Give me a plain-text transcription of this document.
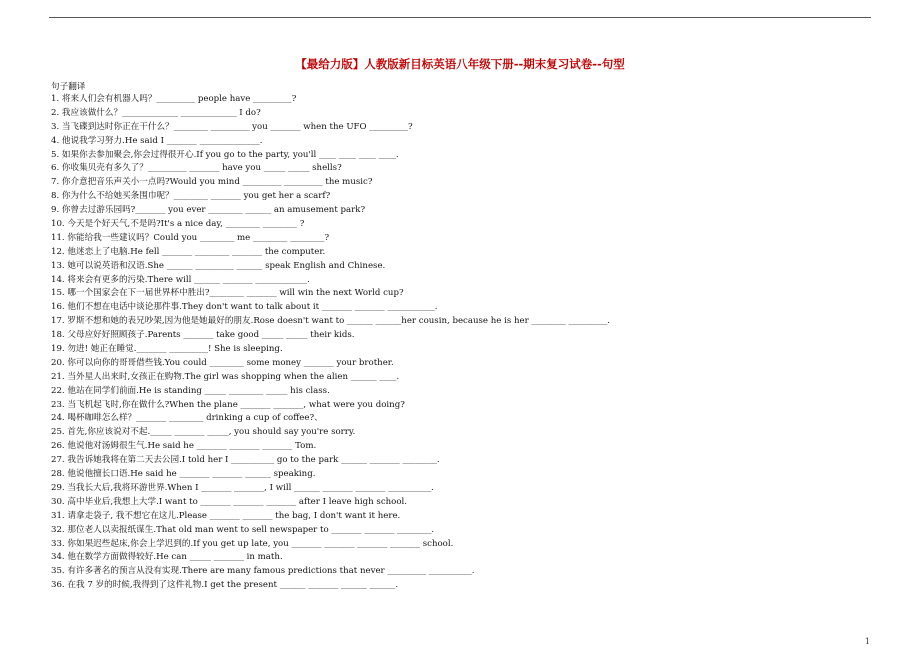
【最给力版】人教版新目标英语八年级下册--期末复习试卷--句型
句子翻译
1. 将来人们会有机器人吗？_________ people have _________?
2. 我应该做什么？_____________ _____________ I do?
3. 当飞碟到达时你正在干什么？________ _________ you _______ when the UFO _________?
4. 他说我学习努力.He said I _______ ______________.
5. 如果你去参加聚会,你会过得很开心.If you go to the party, you'll ____ ____ ____ ____.
6. 你收集贝壳有多久了？_________ _______ have you _____ _____ shells?
7. 你介意把音乐声关小一点吗?Would you mind _________ _________ the music?
8. 你为什么不给她买条围巾呢？________ _______ you get her a scarf?
9. 你曾去过游乐园吗?_______ you ever ________ ______ an amusement park?
10. 今天是个好天气,不是吗?It's a nice day, ________ ________ ?
11. 你能给我一些建议吗？Could you ________ me ________ ________?
12. 他迷恋上了电脑.He fell _______ ________ _______ the computer.
13. 她可以说英语和汉语.She ______ _________ ______ speak English and Chinese.
14. 将来会有更多的污染.There will ______ _______ ____________.
15. 哪一个国家会在下一届世界杯中胜出?________ _______ will win the next World cup?
16. 他们不想在电话中谈论那件事.They don't want to talk about it _______ _______ ___________.
17. 罗斯不想和她的表兄吵架,因为他是她最好的朋友.Rose doesn't want to ______ ______her cousin, because he is her ________ _________.
18. 父母应好好照顾孩子.Parents _______ take good _____ _____ their kids.
19. 勿进! 她正在睡觉._______ _________! She is sleeping.
20. 你可以向你的哥哥借些钱.You could ________ some money _______ your brother.
21. 当外星人出来时,女孩正在购物.The girl was shopping when the alien ______ ____.
22. 他站在同学们前面.He is standing _____ ________ _____ his class.
23. 当飞机起飞时,你在做什么?When the plane _______ _______, what were you doing?
24. 喝杯咖啡怎么样？_______ ________ drinking a cup of coffee?、
25. 首先,你应该说对不起._____ _______ _____, you should say you're sorry.
26. 他说他对汤姆很生气.He said he _______ _______ _______ Tom.
27. 我告诉她我将在第二天去公园.I told her I __________ go to the park ______ _______ ________.
28. 他说他擅长口语.He said he _______ _______ ______ speaking.
29. 当我长大后,我将环游世界.When I _______ _______, I will ______ _______ _______ __________.
30. 高中毕业后,我想上大学.I want to _______ _______ _______ after I leave high school.
31. 请拿走袋子, 我不想它在这儿.Please _______ _______ the bag, I don't want it here.
32. 那位老人以卖报纸谋生.That old man went to sell newspaper to _______ _______ ________.
33. 你如果迟些起床,你会上学迟到的.If you get up late, you _______ _______ _______ _______ school.
34. 他在数学方面做得较好.He can _____ _______ in math.
35. 有许多著名的预言从没有实现.There are many famous predictions that never _________ __________.
36. 在我 7 岁的时候,我得到了这件礼物.I get the present ______ _______ ______ ______.
1
